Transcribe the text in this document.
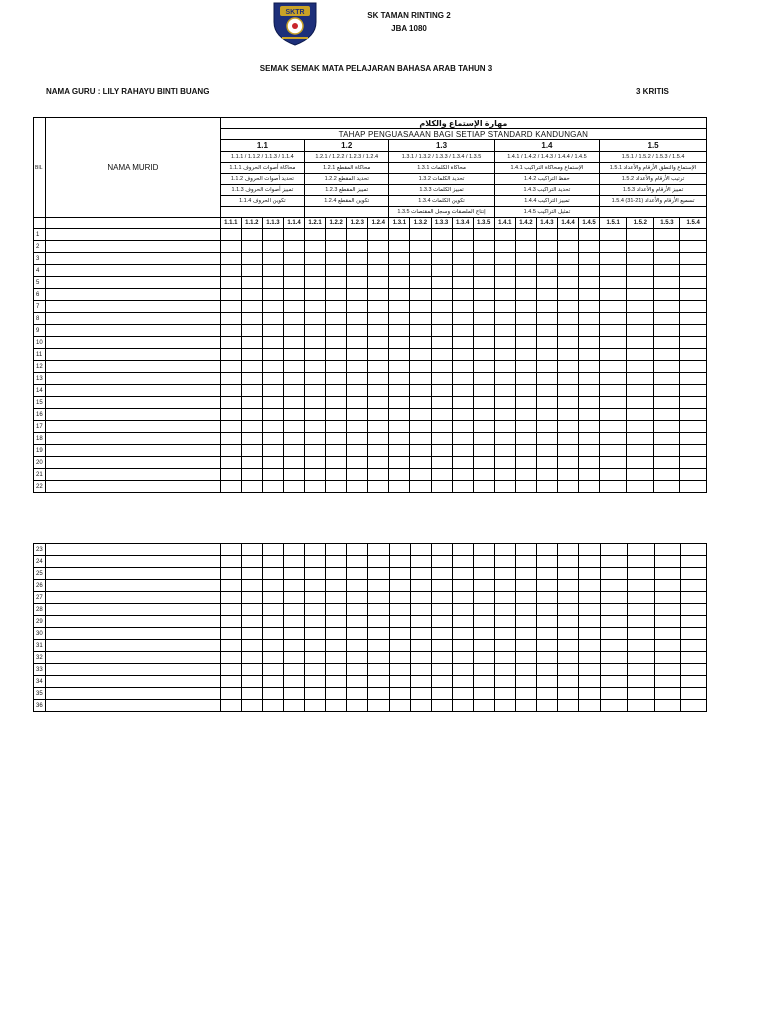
SKTR	SK TAMAN RINTING 2
JBA 1080
SEMAK SEMAK MATA PELAJARAN BAHASA ARAB TAHUN 3
NAMA GURU : LILY RAHAYU BINTI BUANG	3 KRITIS
BIL	NAMA MURID	مهارة الإستماع والكلام																					
		TAHAP PENGUASAAAN BAGI SETIAP STANDARD KANDUNGAN																					
		1.1				1.2				1.3					1.4					1.5			
		1.1.1 / 1.1.2 / 1.1.3 / 1.1.4				1.2.1 / 1.2.2 / 1.2.3 / 1.2.4				1.3.1 / 1.3.2 / 1.3.3 / 1.3.4 / 1.3.5					1.4.1 / 1.4.2 / 1.4.3 / 1.4.4 / 1.4.5					1.5.1 / 1.5.2 / 1.5.3 / 1.5.4			
		محاكاة أصوات الحروف 1.1.1				محاكاة المقطع 1.2.1				محاكاة الكلمات 1.3.1					الإستماع ومحاكاة التراكيب 1.4.1					الإستماع والنطق الأرقام والأعداد 1.5.1			
		تحديد أصوات الحروف 1.1.2				تحديد المقطع 1.2.2				تحديد الكلمات 1.3.2					حفظ التراكيب 1.4.2					ترتيب الأرقام والأعداد 1.5.2			
		تمييز أصوات الحروف 1.1.3				تمييز المقطع 1.2.3				تمييز الكلمات 1.3.3					تحديد التراكيب 1.4.3					تمييز الأرقام والأعداد 1.5.3			
		تكوين الحروف 1.1.4				تكوين المقطع 1.2.4				تكوين الكلمات 1.3.4					تمييز التراكيب 1.4.4					تسميع الأرقام والأعداد (21-31) 1.5.4			
										إنتاج الملصقات وسجل المقتصات 1.3.5					تمثيل التراكيب 1.4.5								
		1.1.1	1.1.2	1.1.3	1.1.4	1.2.1	1.2.2	1.2.3	1.2.4	1.3.1	1.3.2	1.3.3	1.3.4	1.3.5	1.4.1	1.4.2	1.4.3	1.4.4	1.4.5	1.5.1	1.5.2	1.5.3	1.5.4
1																							
2																							
3																							
4																							
5																							
6																							
7																							
8																							
9																							
10																							
11																							
12																							
13																							
14																							
15																							
16																							
17																							
18																							
19																							
20																							
21																							
22																							
23																							
24																							
25																							
26																							
27																							
28																							
29																							
30																							
31																							
32																							
33																							
34																							
35																							
36																							
